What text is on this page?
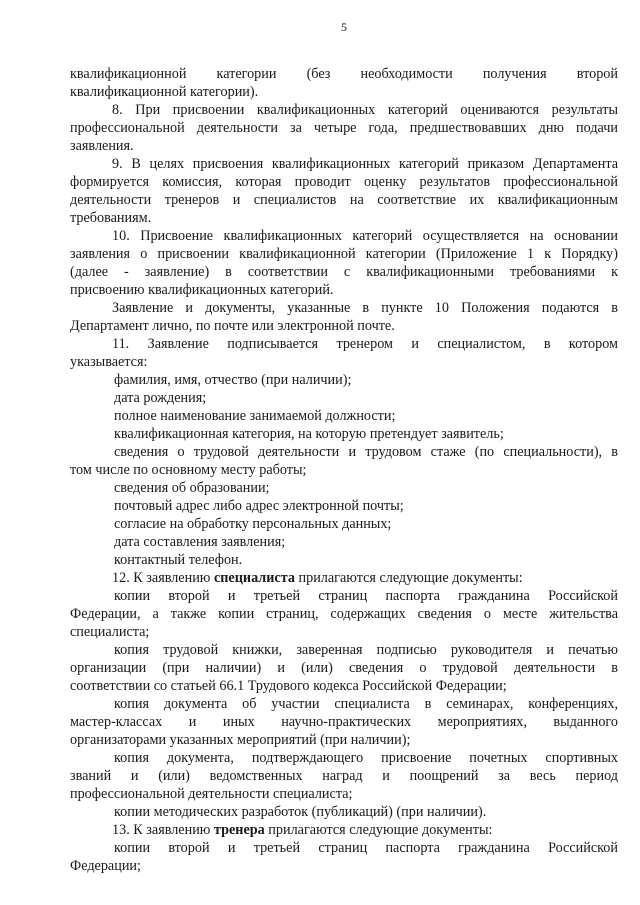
5
квалификационной категории (без необходимости получения второй
квалификационной категории).
8. При присвоении квалификационных категорий оцениваются результаты
профессиональной деятельности за четыре года, предшествовавших дню подачи
заявления.
9. В целях присвоения квалификационных категорий приказом Департамента
формируется комиссия, которая проводит оценку результатов профессиональной
деятельности тренеров и специалистов на соответствие их квалификационным
требованиям.
10. Присвоение квалификационных категорий осуществляется на основании
заявления о присвоении квалификационной категории (Приложение 1 к Порядку)
(далее - заявление) в соответствии с квалификационными требованиями к
присвоению квалификационных категорий.
Заявление и документы, указанные в пункте 10 Положения подаются в
Департамент лично, по почте или электронной почте.
11. Заявление подписывается тренером и специалистом, в котором
указывается:
фамилия, имя, отчество (при наличии);
дата рождения;
полное наименование занимаемой должности;
квалификационная категория, на которую претендует заявитель;
сведения о трудовой деятельности и трудовом стаже (по специальности), в
том числе по основному месту работы;
сведения об образовании;
почтовый адрес либо адрес электронной почты;
согласие на обработку персональных данных;
дата составления заявления;
контактный телефон.
12. К заявлению специалиста прилагаются следующие документы:
копии второй и третьей страниц паспорта гражданина Российской
Федерации, а также копии страниц, содержащих сведения о месте жительства
специалиста;
копия трудовой книжки, заверенная подписью руководителя и печатью
организации (при наличии) и (или) сведения о трудовой деятельности в
соответствии со статьей 66.1 Трудового кодекса Российской Федерации;
копия документа об участии специалиста в семинарах, конференциях,
мастер-классах и иных научно-практических мероприятиях, выданного
организаторами указанных мероприятий (при наличии);
копия документа, подтверждающего присвоение почетных спортивных
званий и (или) ведомственных наград и поощрений за весь период
профессиональной деятельности специалиста;
копии методических разработок (публикаций) (при наличии).
13. К заявлению тренера прилагаются следующие документы:
копии второй и третьей страниц паспорта гражданина Российской
Федерации;
